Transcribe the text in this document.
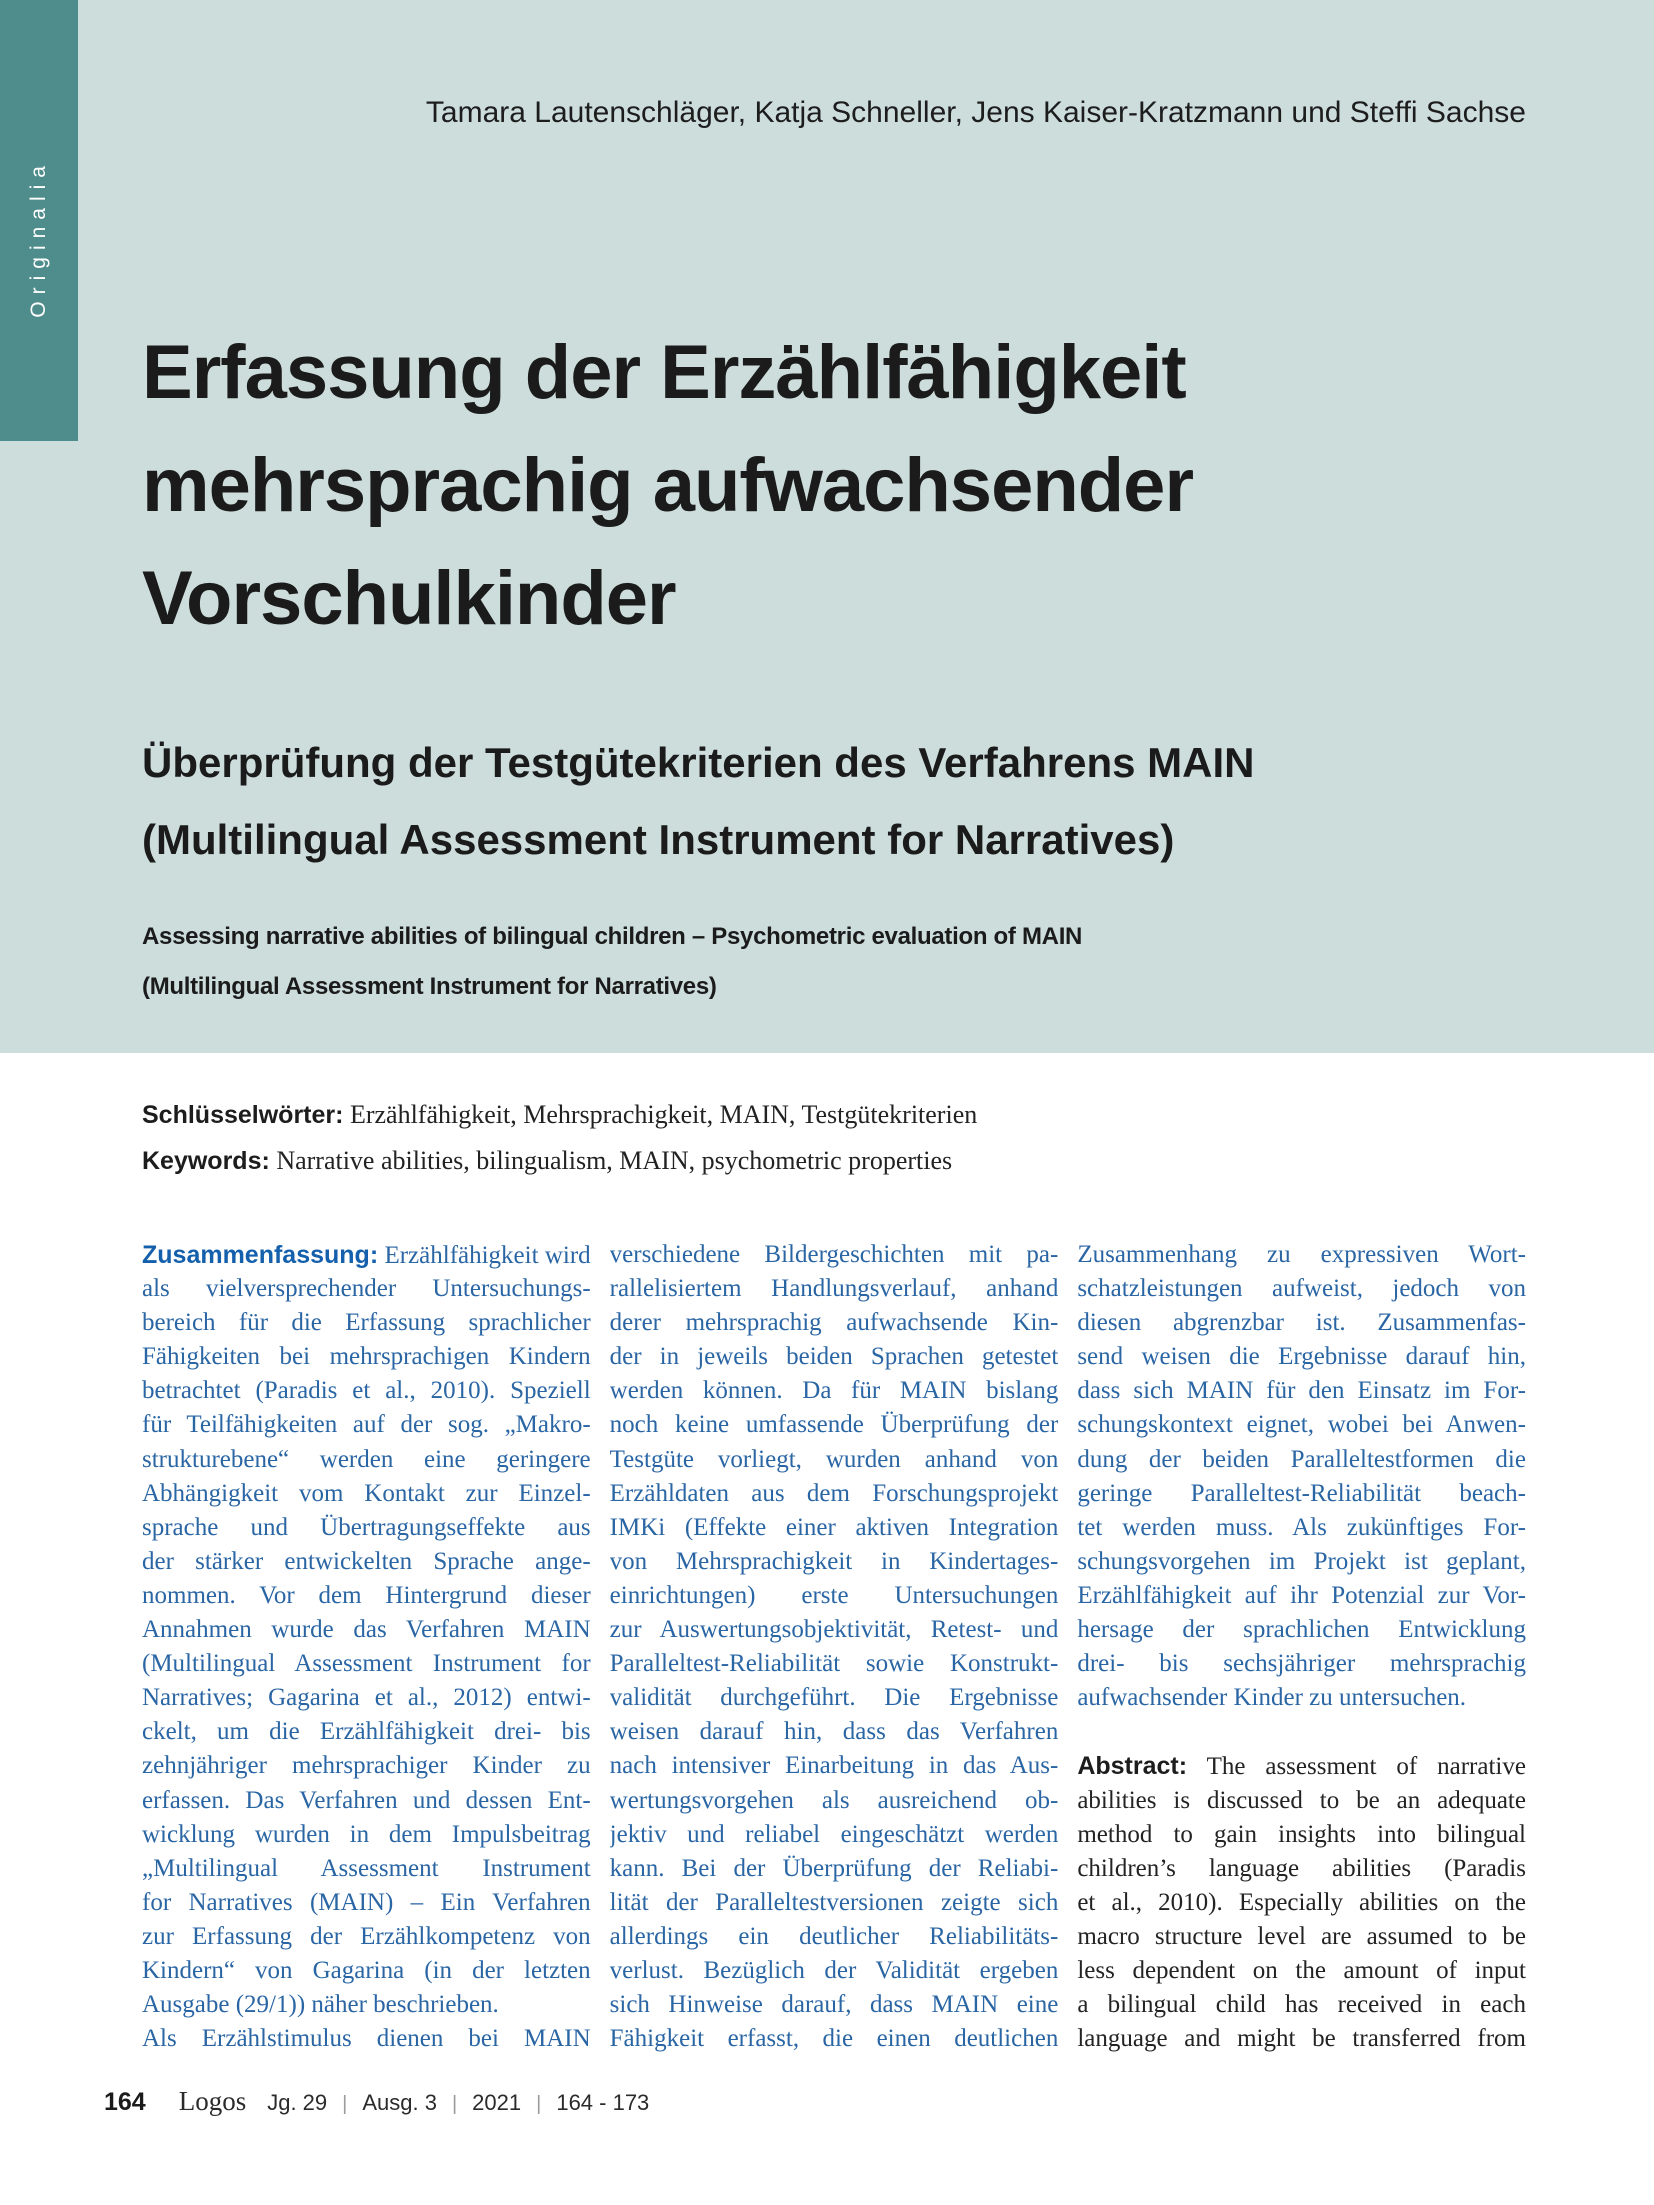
Originalia
Tamara Lautenschläger, Katja Schneller, Jens Kaiser-Kratzmann und Steffi Sachse
Erfassung der Erzählfähigkeit
mehrsprachig aufwachsender
Vorschulkinder
Überprüfung der Testgütekriterien des Verfahrens MAIN
(Multilingual Assessment Instrument for Narratives)
Assessing narrative abilities of bilingual children – Psychometric evaluation of MAIN
(Multilingual Assessment Instrument for Narratives)
Schlüsselwörter: Erzählfähigkeit, Mehrsprachigkeit, MAIN, Testgütekriterien
Keywords: Narrative abilities, bilingualism, MAIN, psychometric properties
Zusammenfassung: Erzählfähigkeit wird
als vielversprechender Untersuchungs-
bereich für die Erfassung sprachlicher
Fähigkeiten bei mehrsprachigen Kindern
betrachtet (Paradis et al., 2010). Speziell
für Teilfähigkeiten auf der sog. „Makro-
strukturebene“ werden eine geringere
Abhängigkeit vom Kontakt zur Einzel-
sprache und Übertragungseffekte aus
der stärker entwickelten Sprache ange-
nommen. Vor dem Hintergrund dieser
Annahmen wurde das Verfahren MAIN
(Multilingual Assessment Instrument for
Narratives; Gagarina et al., 2012) entwi-
ckelt, um die Erzählfähigkeit drei- bis
zehnjähriger mehrsprachiger Kinder zu
erfassen. Das Verfahren und dessen Ent-
wicklung wurden in dem Impulsbeitrag
„Multilingual Assessment Instrument
for Narratives (MAIN) – Ein Verfahren
zur Erfassung der Erzählkompetenz von
Kindern“ von Gagarina (in der letzten
Ausgabe (29/1)) näher beschrieben.
Als Erzählstimulus dienen bei MAIN
verschiedene Bildergeschichten mit pa-
rallelisiertem Handlungsverlauf, anhand
derer mehrsprachig aufwachsende Kin-
der in jeweils beiden Sprachen getestet
werden können. Da für MAIN bislang
noch keine umfassende Überprüfung der
Testgüte vorliegt, wurden anhand von
Erzähldaten aus dem Forschungsprojekt
IMKi (Effekte einer aktiven Integration
von Mehrsprachigkeit in Kindertages-
einrichtungen) erste Untersuchungen
zur Auswertungsobjektivität, Retest- und
Paralleltest-Reliabilität sowie Konstrukt-
validität durchgeführt. Die Ergebnisse
weisen darauf hin, dass das Verfahren
nach intensiver Einarbeitung in das Aus-
wertungsvorgehen als ausreichend ob-
jektiv und reliabel eingeschätzt werden
kann. Bei der Überprüfung der Reliabi-
lität der Paralleltestversionen zeigte sich
allerdings ein deutlicher Reliabilitäts-
verlust. Bezüglich der Validität ergeben
sich Hinweise darauf, dass MAIN eine
Fähigkeit erfasst, die einen deutlichen
Zusammenhang zu expressiven Wort-
schatzleistungen aufweist, jedoch von
diesen abgrenzbar ist. Zusammenfas-
send weisen die Ergebnisse darauf hin,
dass sich MAIN für den Einsatz im For-
schungskontext eignet, wobei bei Anwen-
dung der beiden Paralleltestformen die
geringe Paralleltest-Reliabilität beach-
tet werden muss. Als zukünftiges For-
schungsvorgehen im Projekt ist geplant,
Erzählfähigkeit auf ihr Potenzial zur Vor-
hersage der sprachlichen Entwicklung
drei- bis sechsjähriger mehrsprachig
aufwachsender Kinder zu untersuchen.

Abstract: The assessment of narrative
abilities is discussed to be an adequate
method to gain insights into bilingual
children’s language abilities (Paradis
et al., 2010). Especially abilities on the
macro structure level are assumed to be
less dependent on the amount of input
a bilingual child has received in each
language and might be transferred from
164 Logos Jg. 29 | Ausg. 3 | 2021 | 164 - 173
